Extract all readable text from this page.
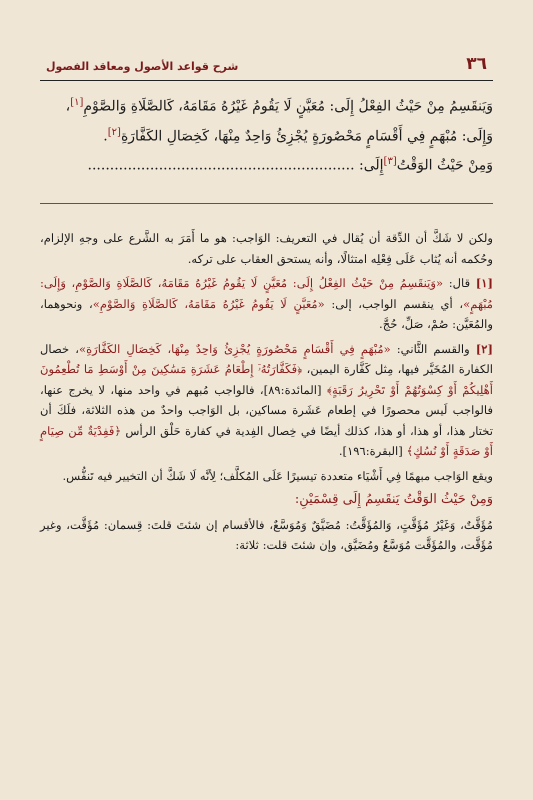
٣٦
شرح قواعد الأصول ومعاقد الفصول

وَيَنقَسِمُ مِنْ حَيْثُ الفِعْلُ إِلَى: مُعَيَّنٍ لَا يَقُومُ غَيْرُهُ مَقَامَهُ، كَالصَّلَاةِ وَالصَّوْمِ[١]،

وَإِلَى: مُبْهَمٍ فِي أَقْسَامٍ مَحْصُورَةٍ يُجْزِئُ وَاحِدٌ مِنْهَا، كَخِصَالِ الكَفَّارَةِ[٢].

وَمِنْ حَيْثُ الوَقْتُ[٣]إِلَى: ............................................................

ولكن لا شَكَّ أن الدِّقة أن يُقال في التعريف: الوَاجب: هو ما أَمَرَ به الشَّرع على وجهِ الإلزام، وحُكمه أنه يُثاب عَلَى فِعْلِه امتثالًا، وأنه يستحق العقاب على تركه.

[١] قال: «وَيَنقَسِمُ مِنْ حَيْثُ الفِعْلُ إِلَى: مُعَيَّنٍ لَا يَقُومُ غَيْرُهُ مَقَامَهُ، كَالصَّلَاةِ وَالصَّوْمِ، وَإِلَى: مُبْهَمٍ»، أي ينقسم الواجب، إلى: «مُعَيَّنٍ لَا يَقُومُ غَيْرُهُ مَقَامَهُ، كَالصَّلَاةِ وَالصَّوْمِ»، ونحوهما، والمُعَيَّن: صُمْ، صَلِّ، حُجَّ.

[٢] والقسم الثَّاني: «مُبْهَمٍ فِي أَقْسَامٍ مَحْصُورَةٍ يُجْزِئُ وَاحِدٌ مِنْهَا، كَخِصَالِ الكَفَّارَةِ»، خصال الكفارة المُخَيَّر فيها، مِثل كَفَّارة اليمين، ﴿فَكَفَّارَتُهُۥٓ إِطْعَامُ عَشَرَةِ مَسَٰكِينَ مِنْ أَوْسَطِ مَا تُطْعِمُونَ أَهْلِيكُمْ أَوْ كِسْوَتُهُمْ أَوْ تَحْرِيرُ رَقَبَةٍ﴾ [المائدة:٨٩]، فالواجب مُبهم في واحد منها، لا يخرج عنها، فالواجب لَيس محصورًا في إطعام عَشَرة مساكين، بل الوَاجب واحدٌ من هذه الثلاثة، فلَكَ أن تختار هذا، أو هذا، أو هذا، كذلك أيضًا في خِصال الفِدية في كفارة حَلْق الرأس ﴿فَفِدْيَةٌ مِّن صِيَامٍ أَوْ صَدَقَةٍ أَوْ نُسُكٍ﴾ [البقرة:١٩٦].

ويقع الوَاجب مبهمًا فِي أَشْيَاء متعددة تيسيرًا عَلَى المُكلَّف؛ لِأنَّه لَا شَكَّ أن التخيير فيه تَنفُّس.

وَمِنْ حَيْثُ الوَقْتُ يَنقَسِمُ إِلَى قِسْمَيْنِ:

مُؤَقَّتٌ، وَغَيْرُ مُؤَقَّتٍ، وَالمُؤَقَّتُ: مُضَيَّقٌ وَمُوَسَّعٌ، فالأقسام إن شئتَ قلتَ: قِسمان: مُؤَقَّت، وغير مُؤَقَّت، والمُؤَقَّت مُوَسَّعٌ ومُضَيَّق، وإن شئتَ قلت: ثلاثة:
